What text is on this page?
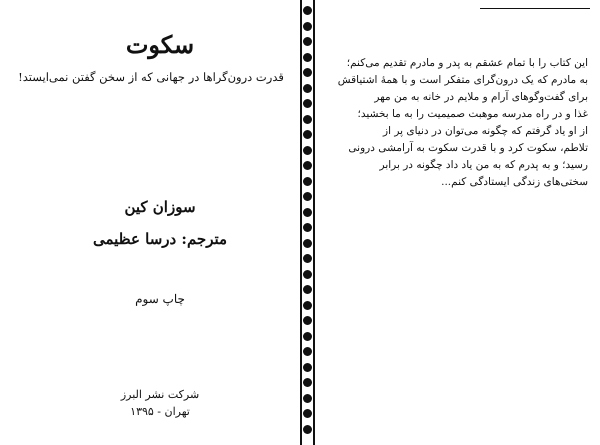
سکوت
قدرت درون‌گراها در جهانی که از سخن گفتن نمی‌ایستد!
سوزان کین
مترجم: درسا عظیمی
چاپ سوم
شرکت نشر البرز
تهران - ۱۳۹۵
این کتاب را با تمام عشقم به پدر و مادرم تقدیم می‌کنم؛
به مادرم که یک درون‌گرای متفکر است و با همهٔ اشتیاقش
برای گفت‌وگوهای آرام و ملایم در خانه به من مهر
غذا و در راه مدرسه موهبت صمیمیت را به ما بخشید؛
از او یاد گرفتم که چگونه می‌توان در دنیای پر از
تلاطم، سکوت کرد و با قدرت سکوت به آرامشی درونی
رسید؛ و به پدرم که به من یاد داد چگونه در برابر
سختی‌های زندگی ایستادگی کنم...
